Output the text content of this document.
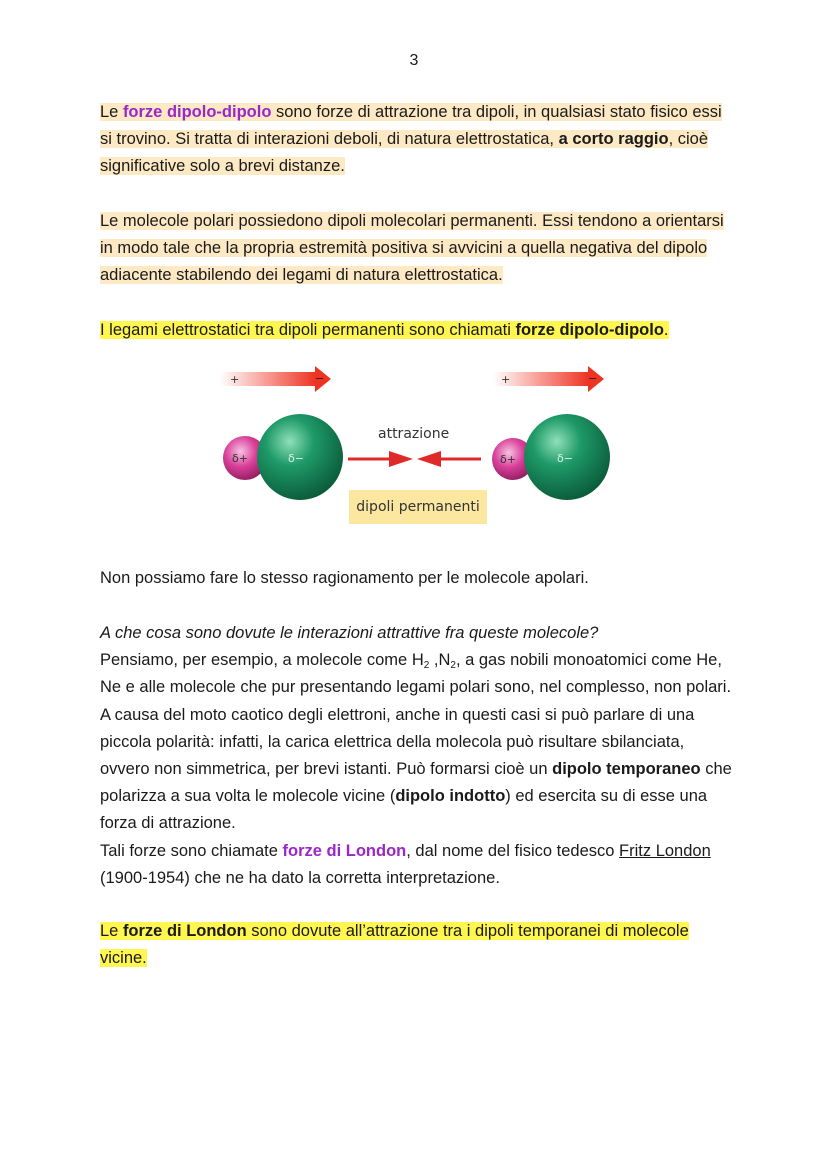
3

Le forze dipolo-dipolo sono forze di attrazione tra dipoli, in qualsiasi stato fisico essi si trovino. Si tratta di interazioni deboli, di natura elettrostatica, a corto raggio, cioè significative solo a brevi distanze.

Le molecole polari possiedono dipoli molecolari permanenti. Essi tendono a orientarsi in modo tale che la propria estremità positiva si avvicini a quella negativa del dipolo adiacente stabilendo dei legami di natura elettrostatica.

I legami elettrostatici tra dipoli permanenti sono chiamati forze dipolo-dipolo.

+	−	+	−
δ+	δ−	δ+	δ−
attrazione
dipoli permanenti

Non possiamo fare lo stesso ragionamento per le molecole apolari.

A che cosa sono dovute le interazioni attrattive fra queste molecole?
Pensiamo, per esempio, a molecole come $H_2$ $,N_2$, a gas nobili monoatomici come He, Ne e alle molecole che pur presentando legami polari sono, nel complesso, non polari. A causa del moto caotico degli elettroni, anche in questi casi si può parlare di una piccola polarità: infatti, la carica elettrica della molecola può risultare sbilanciata, ovvero non simmetrica, per brevi istanti. Può formarsi cioè un dipolo temporaneo che polarizza a sua volta le molecole vicine (dipolo indotto) ed esercita su di esse una forza di attrazione.
Tali forze sono chiamate forze di London, dal nome del fisico tedesco Fritz London (1900-1954) che ne ha dato la corretta interpretazione.

Le forze di London sono dovute all’attrazione tra i dipoli temporanei di molecole vicine.
